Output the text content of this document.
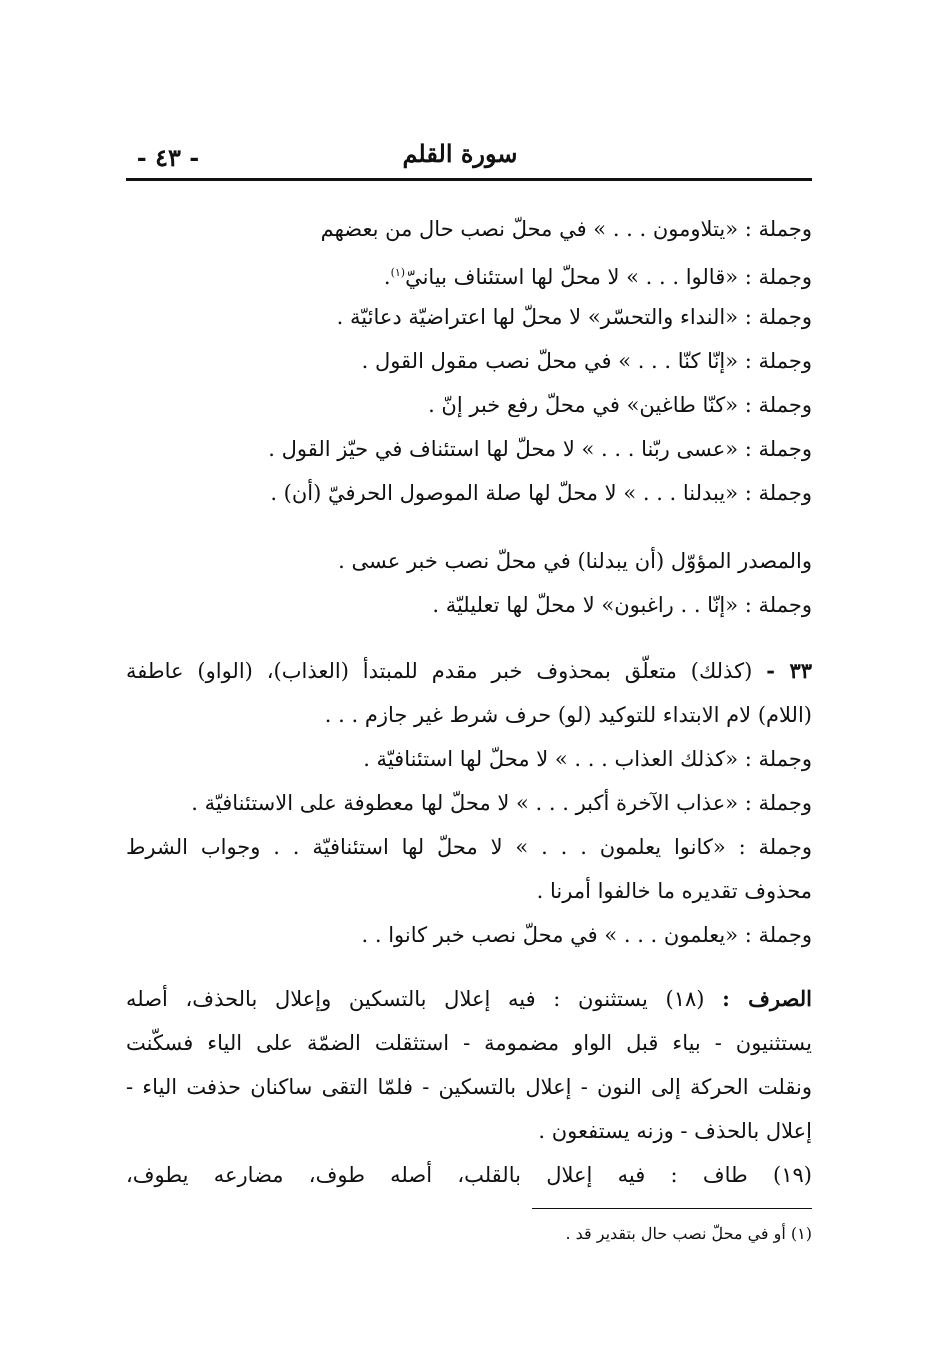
- ٤٣ -	سورة القلم
وجملة : «يتلاومون . . . » في محلّ نصب حال من بعضهم
وجملة : «قالوا . . . » لا محلّ لها استئناف بيانيّ$^{(١)}$.
وجملة : «النداء والتحسّر» لا محلّ لها اعتراضيّة دعائيّة .
وجملة : «إنّا كنّا . . . » في محلّ نصب مقول القول .
وجملة : «كنّا طاغين» في محلّ رفع خبر إنّ .
وجملة : «عسى ربّنا . . . » لا محلّ لها استئناف في حيّز القول .
وجملة : «يبدلنا . . . » لا محلّ لها صلة الموصول الحرفيّ (أن) .
والمصدر المؤوّل (أن يبدلنا) في محلّ نصب خبر عسى .
وجملة : «إنّا . . راغبون» لا محلّ لها تعليليّة .
٣٣ - (كذلك) متعلّق بمحذوف خبر مقدم للمبتدأ (العذاب)، (الواو) عاطفة
(اللام) لام الابتداء للتوكيد (لو) حرف شرط غير جازم . . .
وجملة : «كذلك العذاب . . . » لا محلّ لها استئنافيّة .
وجملة : «عذاب الآخرة أكبر . . . » لا محلّ لها معطوفة على الاستئنافيّة .
وجملة : «كانوا يعلمون . . . » لا محلّ لها استئنافيّة . . وجواب الشرط
محذوف تقديره ما خالفوا أمرنا .
وجملة : «يعلمون . . . » في محلّ نصب خبر كانوا . .
الصرف : (١٨) يستثنون : فيه إعلال بالتسكين وإعلال بالحذف، أصله
يستثنيون - بياء قبل الواو مضمومة - استثقلت الضمّة على الياء فسكّنت
ونقلت الحركة إلى النون - إعلال بالتسكين - فلمّا التقى ساكنان حذفت الياء -
إعلال بالحذف - وزنه يستفعون .
(١٩) طاف : فيه إعلال بالقلب، أصله طوف، مضارعه يطوف،
(١) أو في محلّ نصب حال بتقدير قد .
